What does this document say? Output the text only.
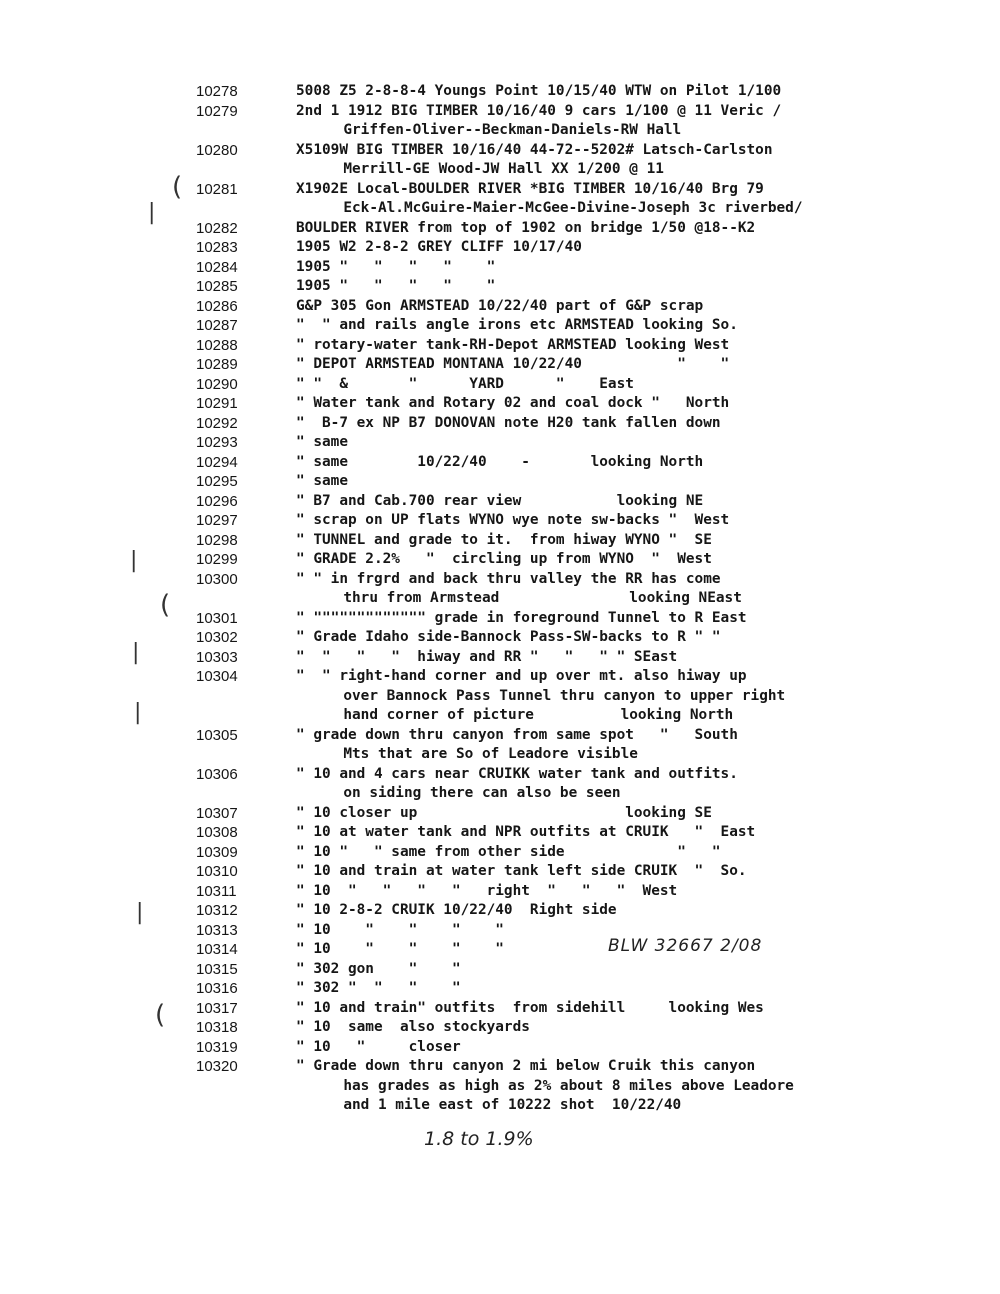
(
(
(
|
|
|
|
|
10278	5008 Z5 2-8-8-4 Youngs Point 10/15/40 WTW on Pilot 1/100
10279	2nd 1 1912 BIG TIMBER 10/16/40 9 cars 1/100 @ 11 Veric /
Griffen-Oliver--Beckman-Daniels-RW Hall
10280	X5109W BIG TIMBER 10/16/40 44-72--5202# Latsch-Carlston
Merrill-GE Wood-JW Hall XX 1/200 @ 11
10281	X1902E Local-BOULDER RIVER *BIG TIMBER 10/16/40 Brg 79
Eck-Al.McGuire-Maier-McGee-Divine-Joseph 3c riverbed/
10282	BOULDER RIVER from top of 1902 on bridge 1/50 @18--K2
10283	1905 W2 2-8-2 GREY CLIFF 10/17/40
10284	1905 "   "   "   "    "
10285	1905 "   "   "   "    "
10286	G&P 305 Gon ARMSTEAD 10/22/40 part of G&P scrap
10287	"  " and rails angle irons etc ARMSTEAD looking So.
10288	" rotary-water tank-RH-Depot ARMSTEAD looking West
10289	" DEPOT ARMSTEAD MONTANA 10/22/40           "    "
10290	" "  &       "      YARD      "    East
10291	" Water tank and Rotary 02 and coal dock "   North
10292	"  B-7 ex NP B7 DONOVAN note H20 tank fallen down
10293	" same
10294	" same        10/22/40    -       looking North
10295	" same
10296	" B7 and Cab.700 rear view           looking NE
10297	" scrap on UP flats WYNO wye note sw-backs "  West
10298	" TUNNEL and grade to it.  from hiway WYNO "  SE
10299	" GRADE 2.2%   "  circling up from WYNO  "  West
10300	" " in frgrd and back thru valley the RR has come
thru from Armstead               looking NEast
10301	" """"""""""""" grade in foreground Tunnel to R East
10302	" Grade Idaho side-Bannock Pass-SW-backs to R " "
10303	"  "   "   "  hiway and RR "   "   " " SEast
10304	"  " right-hand corner and up over mt. also hiway up
over Bannock Pass Tunnel thru canyon to upper right
hand corner of picture          looking North
10305	" grade down thru canyon from same spot   "   South
Mts that are So of Leadore visible
10306	" 10 and 4 cars near CRUIKK water tank and outfits.
on siding there can also be seen
10307	" 10 closer up                        looking SE
10308	" 10 at water tank and NPR outfits at CRUIK   "  East
10309	" 10 "   " same from other side             "   "
10310	" 10 and train at water tank left side CRUIK  "  So.
10311	" 10  "   "   "   "   right  "   "   "  West
10312	" 10 2-8-2 CRUIK 10/22/40  Right side
10313	" 10    "    "    "    "
10314	" 10    "    "    "    "
10315	" 302 gon    "    "
10316	" 302 "  "   "    "
10317	" 10 and train" outfits  from sidehill     looking Wes
10318	" 10  same  also stockyards
10319	" 10   "     closer
10320	" Grade down thru canyon 2 mi below Cruik this canyon
has grades as high as 2% about 8 miles above Leadore
and 1 mile east of 10222 shot  10/22/40
BLW 32667 2/08
1.8 to 1.9%
